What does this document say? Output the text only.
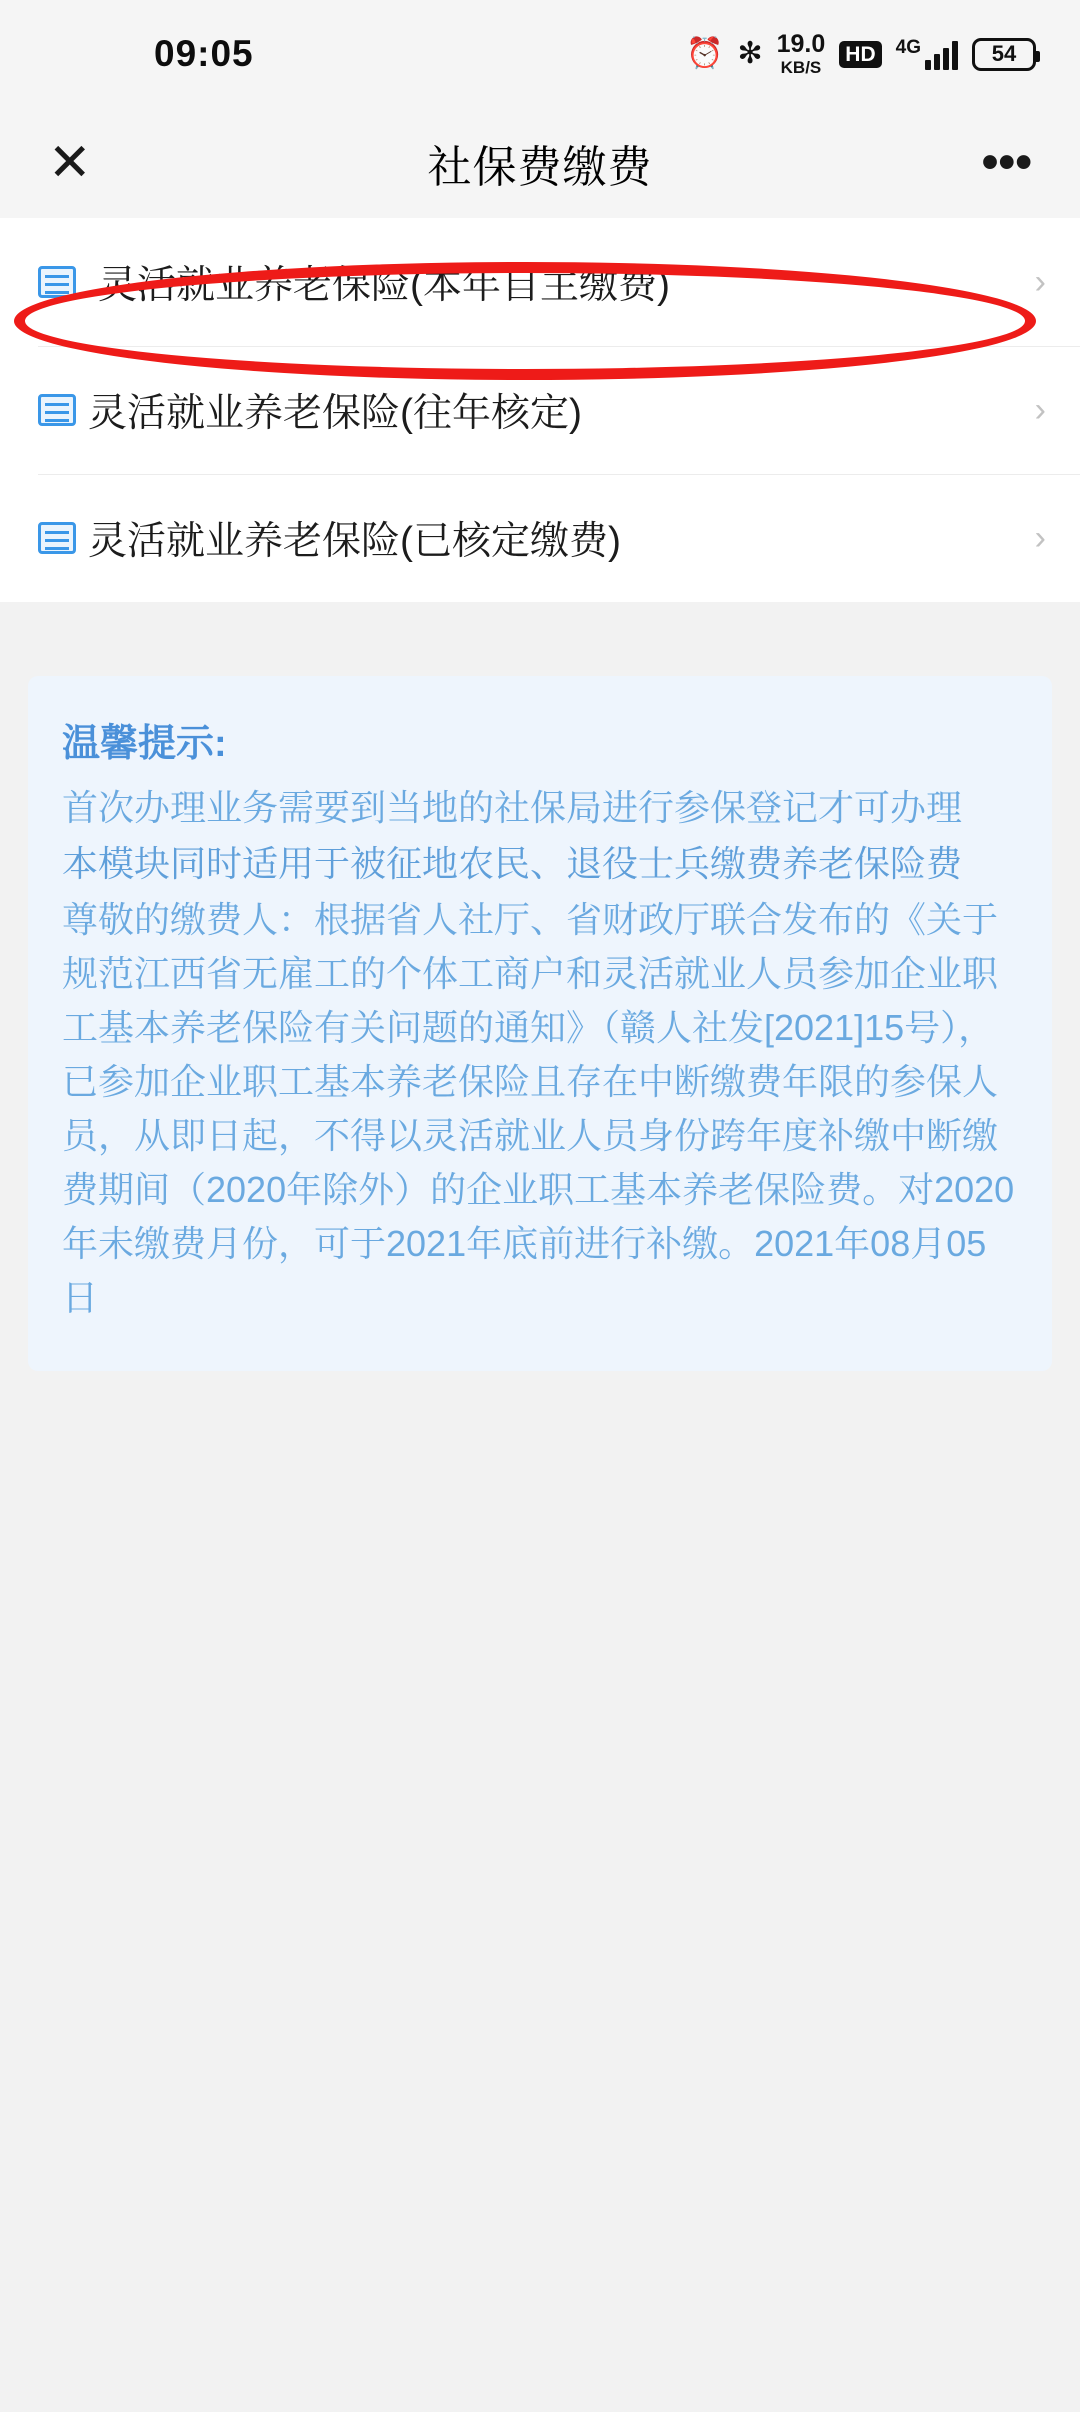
09:05	⏰ ✻ 19.0
KB/S
HD	4G	54
✕	社保费缴费	•••
灵活就业养老保险(本年自主缴费)	›
灵活就业养老保险(往年核定)	›
灵活就业养老保险(已核定缴费)	›
温馨提示:

首次办理业务需要到当地的社保局进行参保登记才可办理

本模块同时适用于被征地农民、退役士兵缴费养老保险费

尊敬的缴费人：根据省人社厅、省财政厅联合发布的《关于规范江西省无雇工的个体工商户和灵活就业人员参加企业职工基本养老保险有关问题的通知》（赣人社发[2021]15号），已参加企业职工基本养老保险且存在中断缴费年限的参保人员，从即日起，不得以灵活就业人员身份跨年度补缴中断缴费期间（2020年除外）的企业职工基本养老保险费。对2020年未缴费月份，可于2021年底前进行补缴。2021年08月05日
